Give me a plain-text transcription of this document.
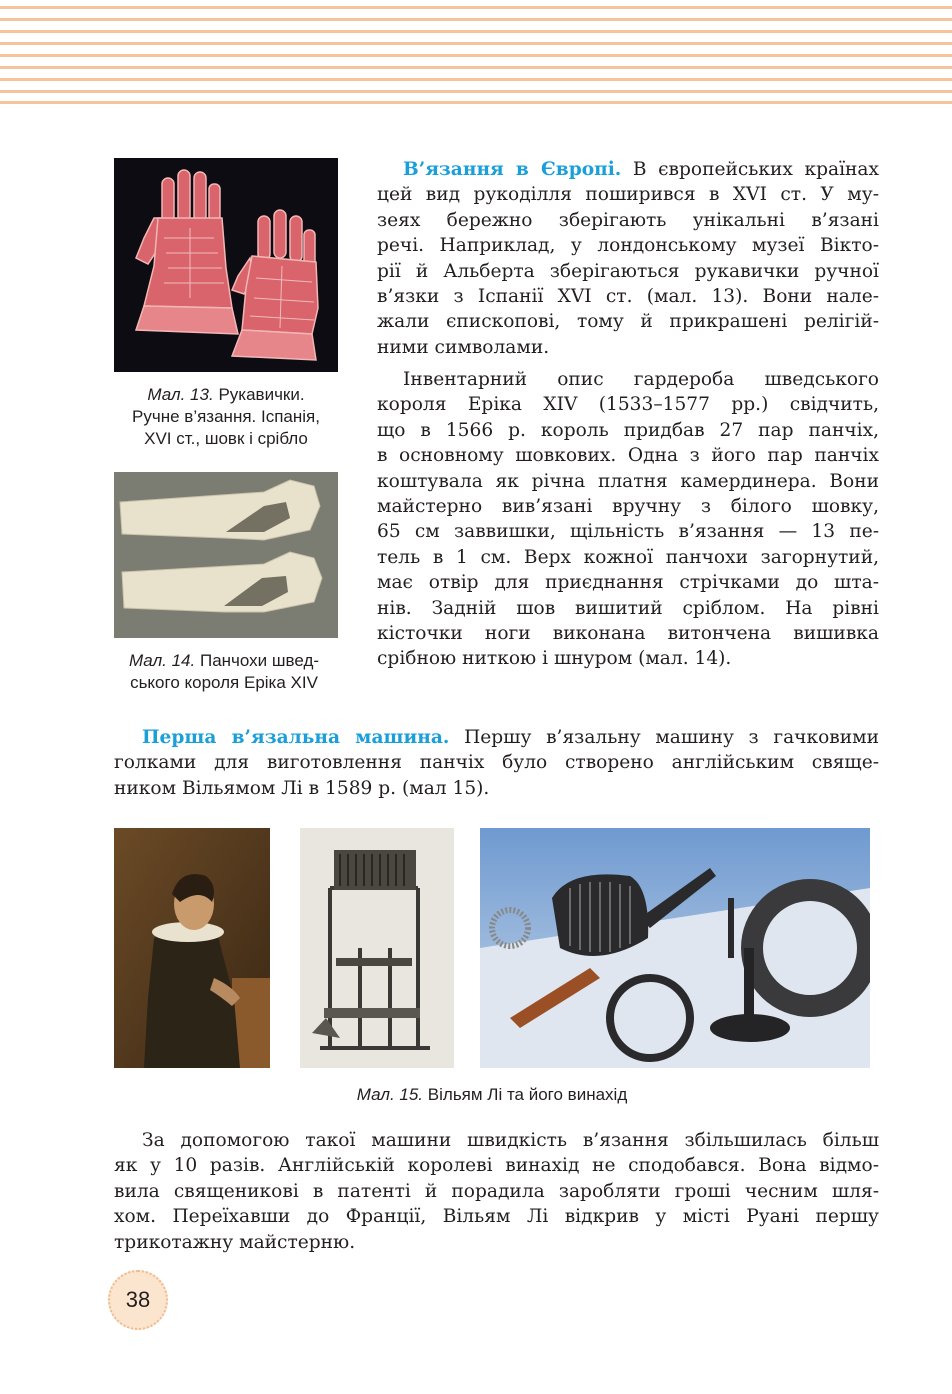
Мал. 13. Рукавички.
Ручне в’язання. Іспанія,
XVI ст., шовк і срібло
Мал. 14. Панчохи швед-
ського короля Еріка XIV
В’язання в Європі. В європейських країнах
цей вид рукоділля поширився в XVI ст. У му-
зеях бережно зберігають унікальні в’язані
речі. Наприклад, у лондонському музеї Вікто-
рії й Альберта зберігаються рукавички ручної
в’язки з Іспанії XVI ст. (мал. 13). Вони нале-
жали єпископові, тому й прикрашені релігій-
ними символами.
Інвентарний опис гардероба шведського
короля Еріка XIV (1533–1577 рр.) свідчить,
що в 1566 р. король придбав 27 пар панчіх,
в основному шовкових. Одна з його пар панчіх
коштувала як річна платня камердинера. Вони
майстерно вив’язані вручну з білого шовку,
65 см заввишки, щільність в’язання — 13 пе-
тель в 1 см. Верх кожної панчохи загорнутий,
має отвір для приєднання стрічками до шта-
нів. Задній шов вишитий сріблом. На рівні
кісточки ноги виконана витончена вишивка
срібною ниткою і шнуром (мал. 14).
Перша в’язальна машина. Першу в’язальну машину з гачковими
голками для виготовлення панчіх було створено англійським свяще-
ником Вільямом Лі в 1589 р. (мал 15).
Мал. 15. Вільям Лі та його винахід
За допомогою такої машини швидкість в’язання збільшилась більш
як у 10 разів. Англійській королеві винахід не сподобався. Вона відмо-
вила священикові в патенті й порадила заробляти гроші чесним шля-
хом. Переїхавши до Франції, Вільям Лі відкрив у місті Руані першу
трикотажну майстерню.
38
